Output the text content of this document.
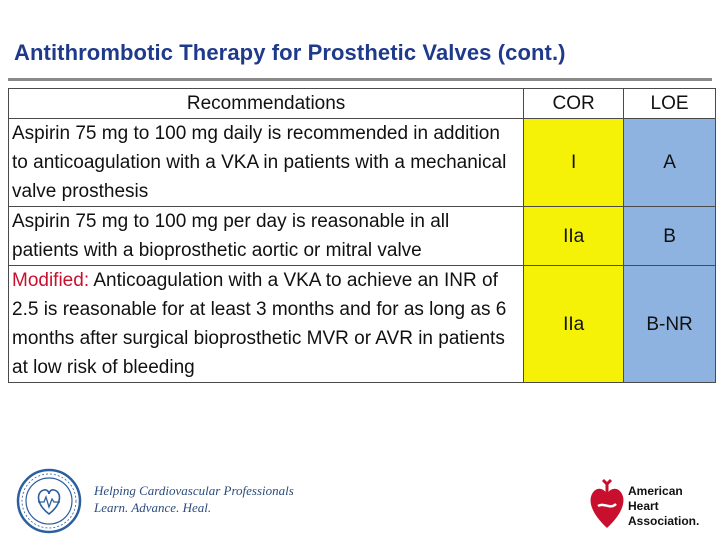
Antithrombotic Therapy for Prosthetic Valves (cont.)
Recommendations	COR	LOE
Aspirin 75 mg to 100 mg daily is recommended in addition to anticoagulation with a VKA in patients with a mechanical valve prosthesis	I	A
Aspirin 75 mg to 100 mg per day is reasonable in all patients with a bioprosthetic aortic or mitral valve	IIa	B
Modified: Anticoagulation with a VKA to achieve an INR of 2.5 is reasonable for at least 3 months and for as long as 6 months after surgical bioprosthetic MVR or AVR in patients at low risk of bleeding	IIa	B-NR
Helping Cardiovascular Professionals
Learn. Advance. Heal.
American
Heart
Association.
